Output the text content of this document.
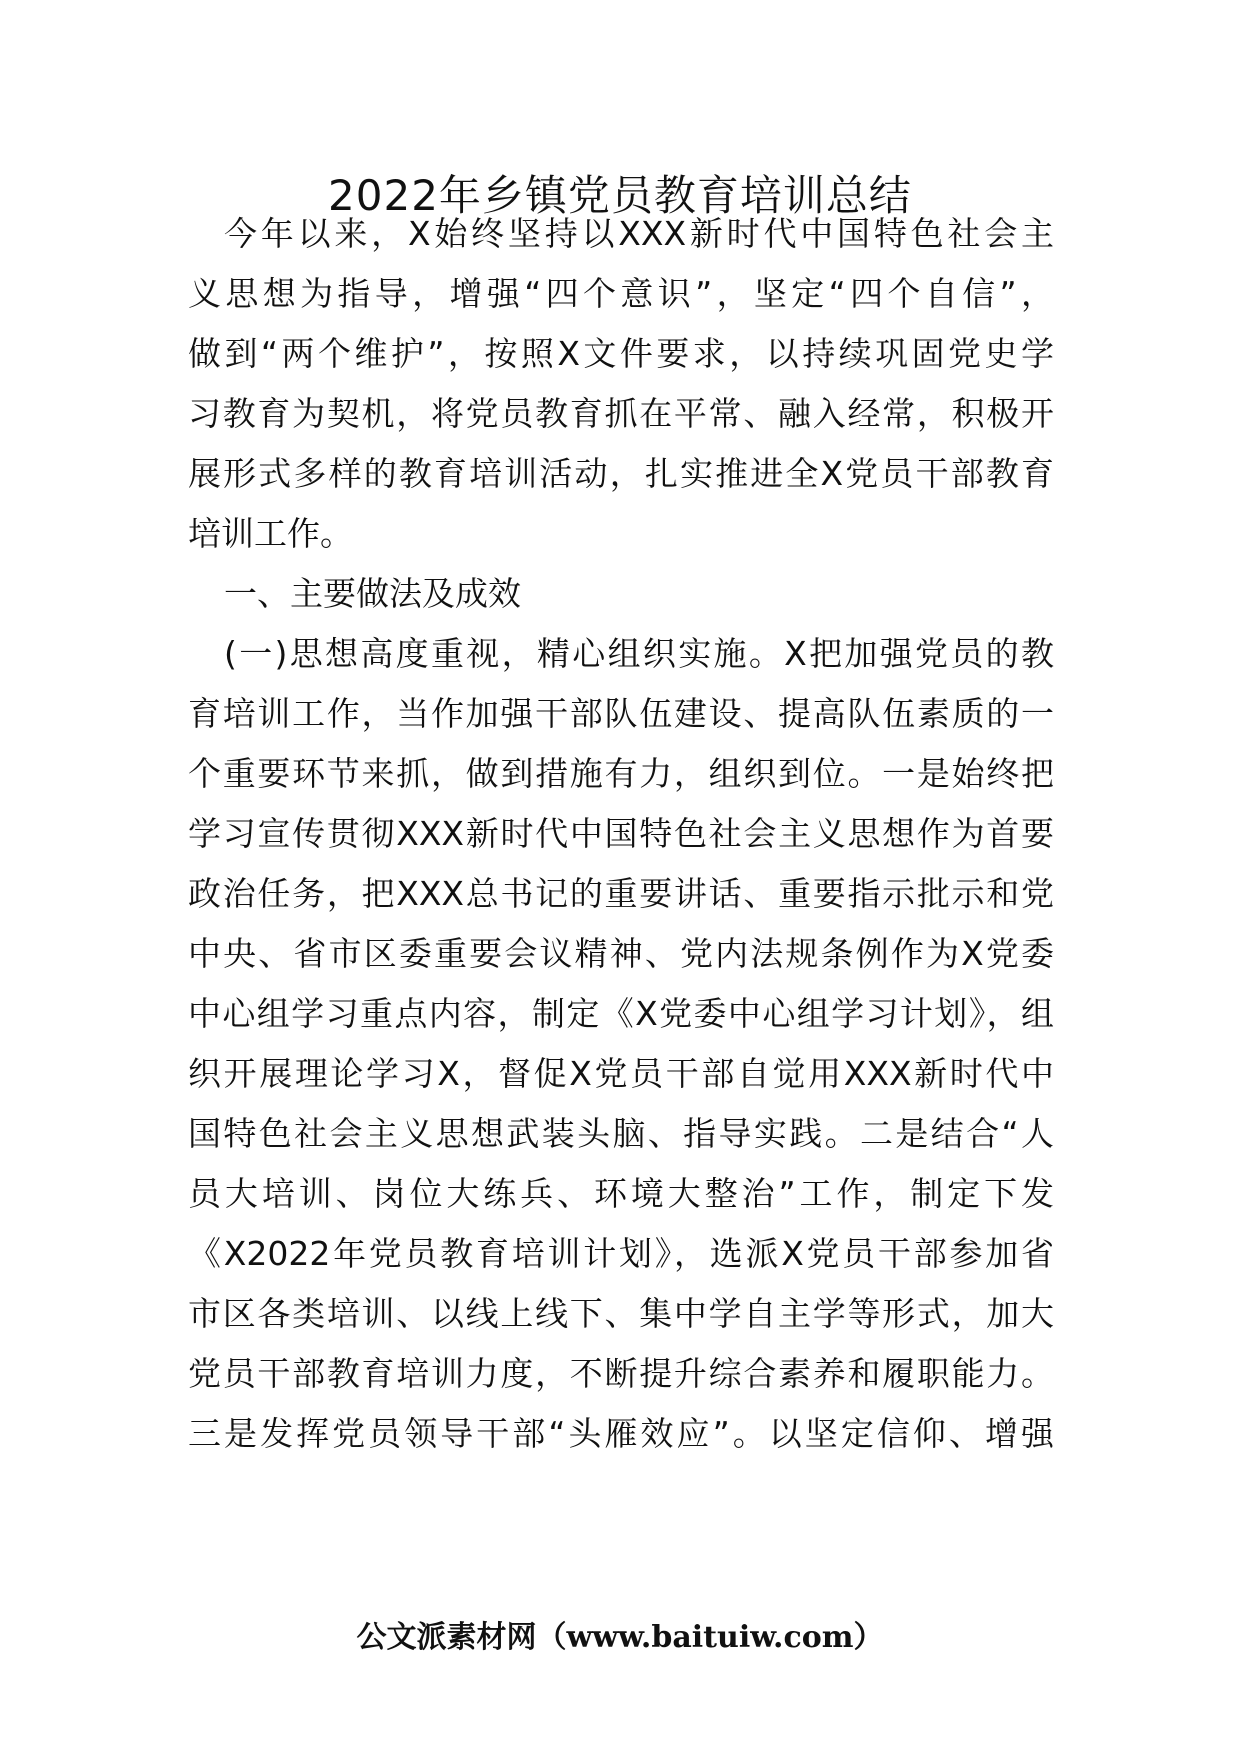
2022年乡镇党员教育培训总结

今年以来，X始终坚持以XXX新时代中国特色社会主

义思想为指导，增强“四个意识”，坚定“四个自信”，

做到“两个维护”，按照X文件要求，以持续巩固党史学

习教育为契机，将党员教育抓在平常、融入经常，积极开

展形式多样的教育培训活动，扎实推进全X党员干部教育

培训工作。

一、主要做法及成效

(一)思想高度重视，精心组织实施。X把加强党员的教

育培训工作，当作加强干部队伍建设、提高队伍素质的一

个重要环节来抓，做到措施有力，组织到位。一是始终把

学习宣传贯彻XXX新时代中国特色社会主义思想作为首要

政治任务，把XXX总书记的重要讲话、重要指示批示和党

中央、省市区委重要会议精神、党内法规条例作为X党委

中心组学习重点内容，制定《X党委中心组学习计划》，组

织开展理论学习X，督促X党员干部自觉用XXX新时代中

国特色社会主义思想武装头脑、指导实践。二是结合“人

员大培训、岗位大练兵、环境大整治”工作，制定下发

《X2022年党员教育培训计划》，选派X党员干部参加省

市区各类培训、以线上线下、集中学自主学等形式，加大

党员干部教育培训力度，不断提升综合素养和履职能力。

三是发挥党员领导干部“头雁效应”。以坚定信仰、增强

公文派素材网（www.baituiw.com）
